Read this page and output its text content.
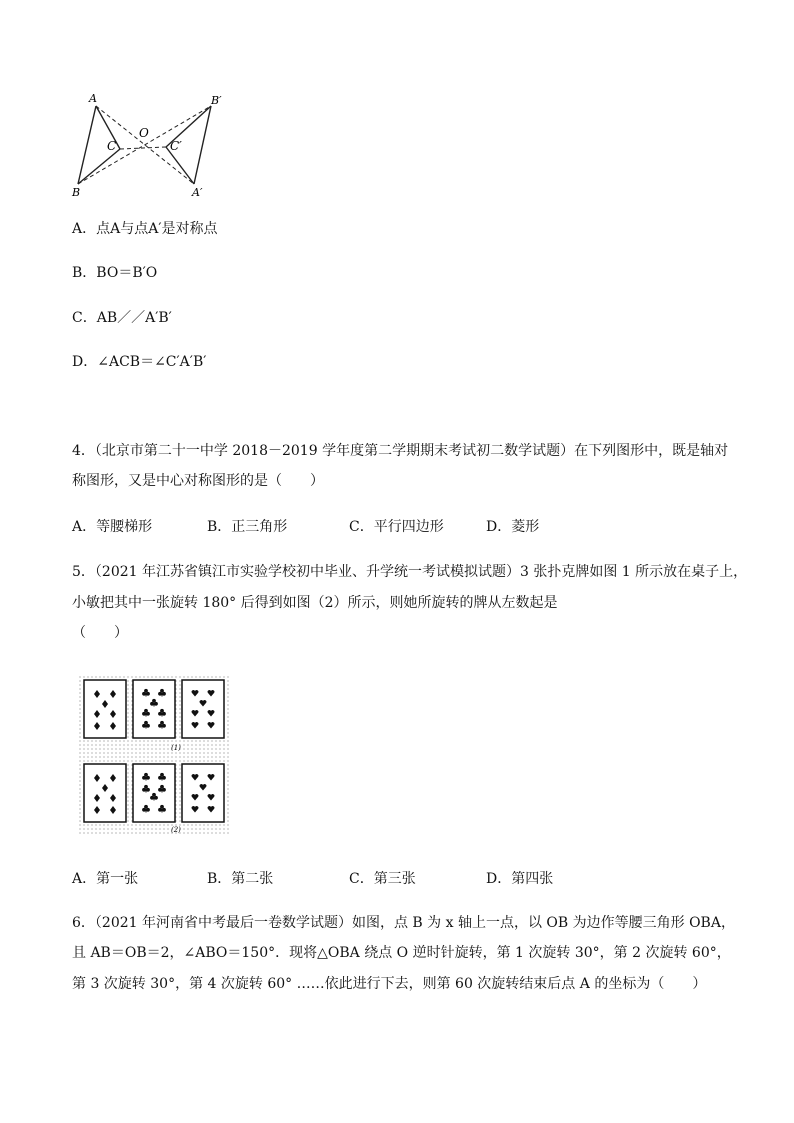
A	B′
O
C	C′
B	A′
A．点A与点A′是对称点
B．BO＝B′O
C．AB／／A′B′
D．∠ACB＝∠C′A′B′
4．（北京市第二十一中学 2018－2019 学年度第二学期期末考试初二数学试题）在下列图形中，既是轴对
称图形，又是中心对称图形的是（　　）
A．等腰梯形	B．正三角形	C．平行四边形	D．菱形
5．（2021 年江苏省镇江市实验学校初中毕业、升学统一考试模拟试题）3 张扑克牌如图 1 所示放在桌子上，
小敏把其中一张旋转 180° 后得到如图（2）所示，则她所旋转的牌从左数起是
（　　）
(1)
(2)
A．第一张	B．第二张	C．第三张	D．第四张
6．（2021 年河南省中考最后一卷数学试题）如图，点 B 为 x 轴上一点，以 OB 为边作等腰三角形 OBA，
且 AB＝OB＝2，∠ABO＝150°．现将△OBA 绕点 O 逆时针旋转，第 1 次旋转 30°，第 2 次旋转 60°，
第 3 次旋转 30°，第 4 次旋转 60° ……依此进行下去，则第 60 次旋转结束后点 A 的坐标为（　　）
